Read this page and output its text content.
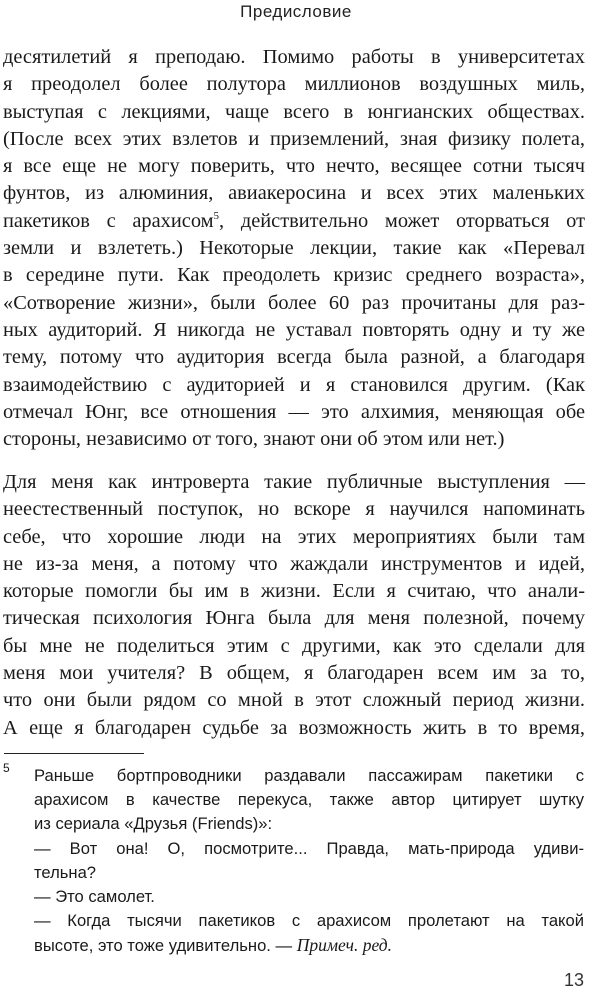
Предисловие
десятилетий я преподаю. Помимо работы в университетах
я преодолел более полутора миллионов воздушных миль,
выступая с лекциями, чаще всего в юнгианских обществах.
(После всех этих взлетов и приземлений, зная физику полета,
я все еще не могу поверить, что нечто, весящее сотни тысяч
фунтов, из алюминия, авиакеросина и всех этих маленьких
пакетиков с арахисом$^5$, действительно может оторваться от
земли и взлететь.) Некоторые лекции, такие как «Перевал
в середине пути. Как преодолеть кризис среднего возраста»,
«Сотворение жизни», были более 60 раз прочитаны для раз-
ных аудиторий. Я никогда не уставал повторять одну и ту же
тему, потому что аудитория всегда была разной, а благодаря
взаимодействию с аудиторией и я становился другим. (Как
отмечал Юнг, все отношения — это алхимия, меняющая обе
стороны, независимо от того, знают они об этом или нет.)
Для меня как интроверта такие публичные выступления —
неестественный поступок, но вскоре я научился напоминать
себе, что хорошие люди на этих мероприятиях были там
не из-за меня, а потому что жаждали инструментов и идей,
которые помогли бы им в жизни. Если я считаю, что анали-
тическая психология Юнга была для меня полезной, почему
бы мне не поделиться этим с другими, как это сделали для
меня мои учителя? В общем, я благодарен всем им за то,
что они были рядом со мной в этот сложный период жизни.
А еще я благодарен судьбе за возможность жить в то время,
5 Раньше бортпроводники раздавали пассажирам пакетики с
арахисом в качестве перекуса, также автор цитирует шутку
из сериала «Друзья (Friends)»:
— Вот она! О, посмотрите... Правда, мать-природа удиви-
тельна?
— Это самолет.
— Когда тысячи пакетиков с арахисом пролетают на такой
высоте, это тоже удивительно. — Примеч. ред.
13
